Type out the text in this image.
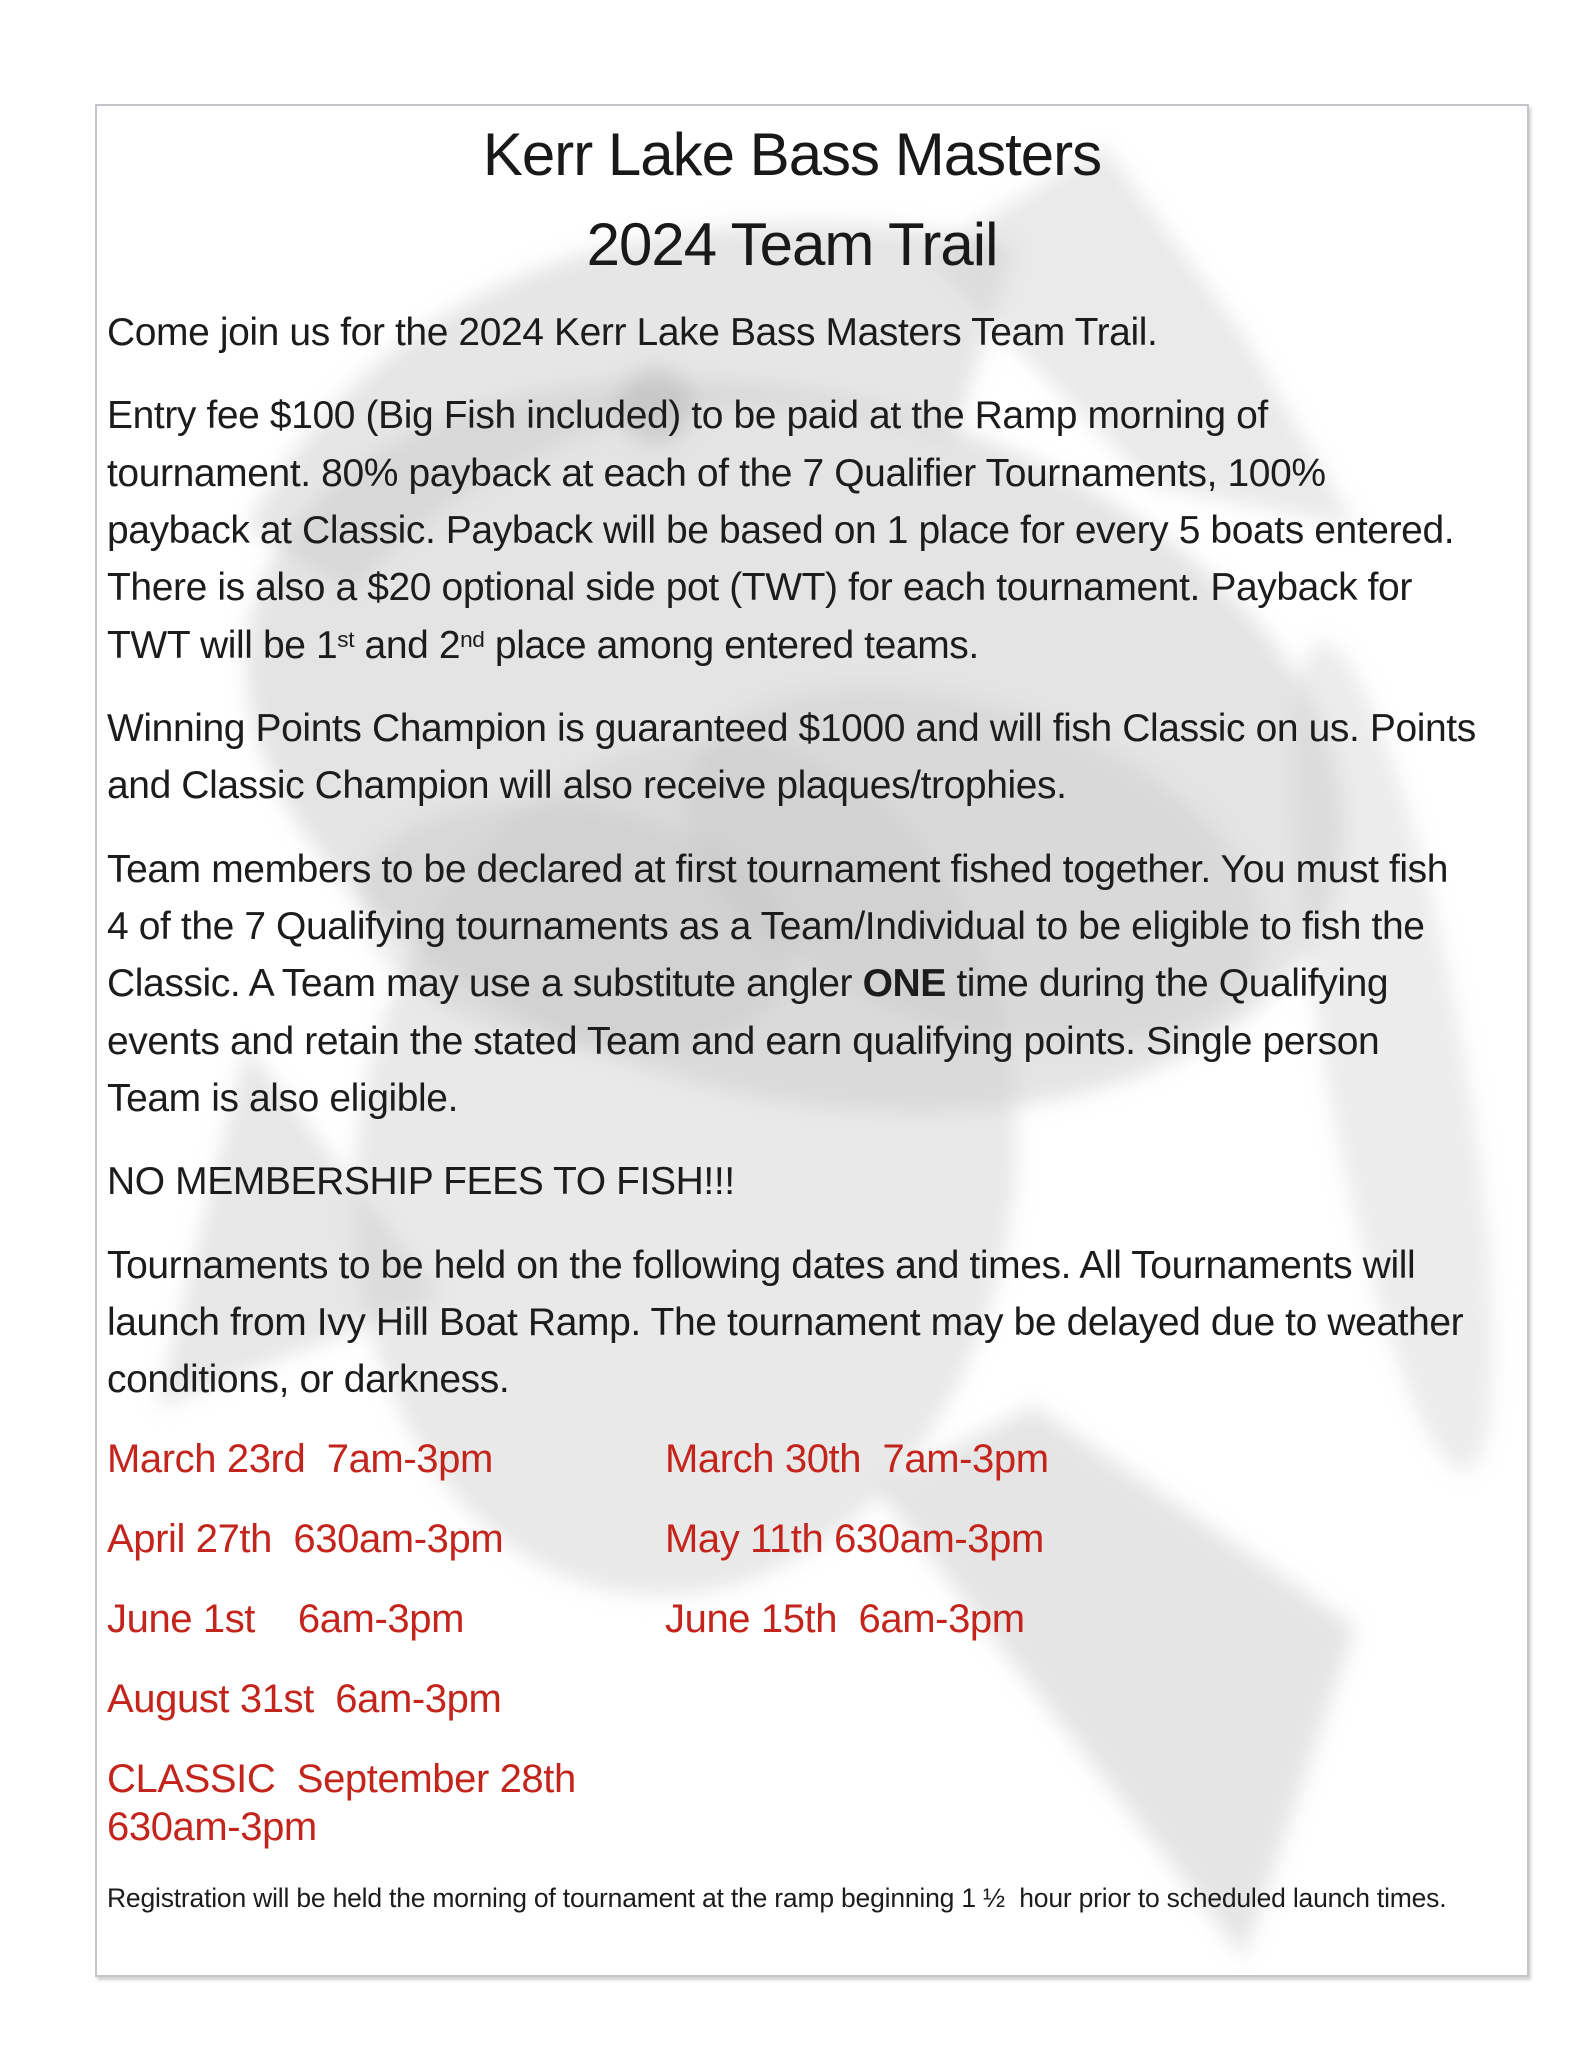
Kerr Lake Bass Masters
2024 Team Trail

Come join us for the 2024 Kerr Lake Bass Masters Team Trail.

Entry fee $100 (Big Fish included) to be paid at the Ramp morning of tournament. 80% payback at each of the 7 Qualifier Tournaments, 100% payback at Classic. Payback will be based on 1 place for every 5 boats entered. There is also a $20 optional side pot (TWT) for each tournament. Payback for TWT will be 1st and 2nd place among entered teams.

Winning Points Champion is guaranteed $1000 and will fish Classic on us. Points and Classic Champion will also receive plaques/trophies.

Team members to be declared at first tournament fished together. You must fish 4 of the 7 Qualifying tournaments as a Team/Individual to be eligible to fish the Classic. A Team may use a substitute angler ONE time during the Qualifying events and retain the stated Team and earn qualifying points. Single person Team is also eligible.

NO MEMBERSHIP FEES TO FISH!!!

Tournaments to be held on the following dates and times. All Tournaments will launch from Ivy Hill Boat Ramp. The tournament may be delayed due to weather conditions, or darkness.

March 23rd  7am-3pm	March 30th  7am-3pm
April 27th  630am-3pm	May 11th 630am-3pm
June 1st    6am-3pm	June 15th  6am-3pm
August 31st  6am-3pm
CLASSIC  September 28th  630am-3pm

Registration will be held the morning of tournament at the ramp beginning 1 ½  hour prior to scheduled launch times.
